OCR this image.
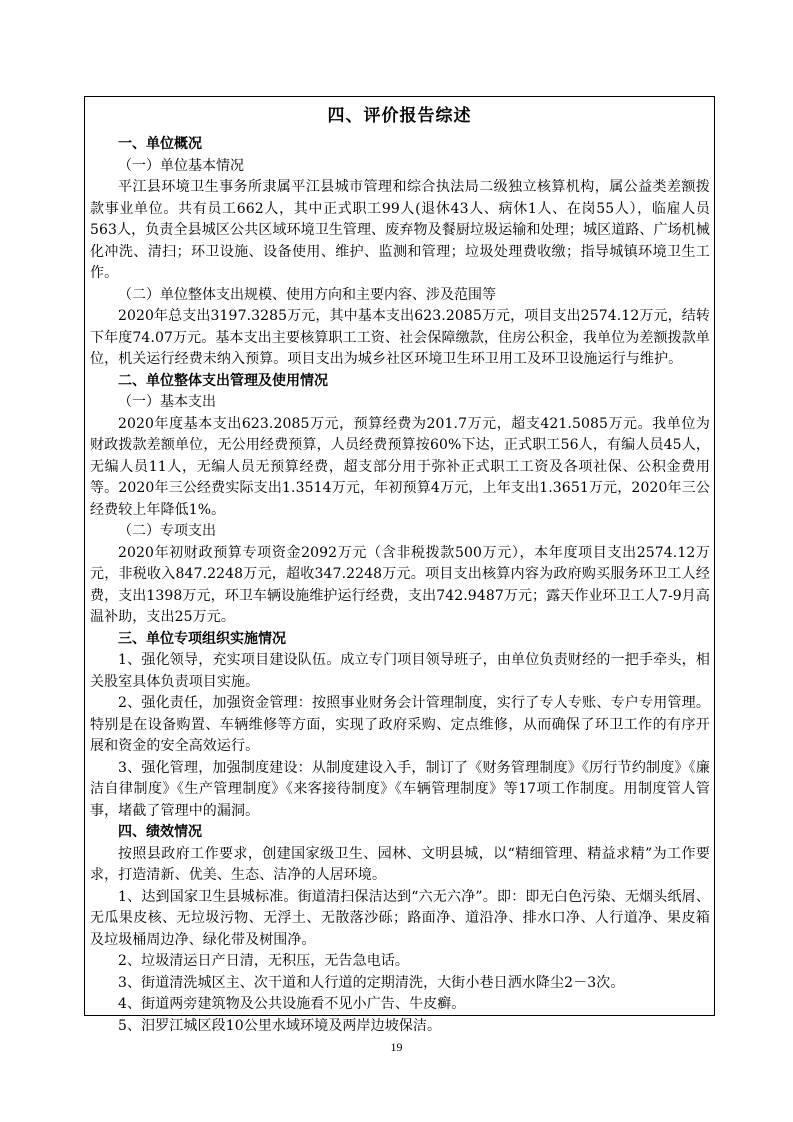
四、评价报告综述
一、单位概况
（一）单位基本情况
平江县环境卫生事务所隶属平江县城市管理和综合执法局二级独立核算机构，属公益类差额拨款事业单位。共有员工662人，其中正式职工99人(退休43人、病休1人、在岗55人），临雇人员563人，负责全县城区公共区域环境卫生管理、废弃物及餐厨垃圾运输和处理；城区道路、广场机械化冲洗、清扫；环卫设施、设备使用、维护、监测和管理；垃圾处理费收缴；指导城镇环境卫生工作。
（二）单位整体支出规模、使用方向和主要内容、涉及范围等
2020年总支出3197.3285万元，其中基本支出623.2085万元，项目支出2574.12万元，结转下年度74.07万元。基本支出主要核算职工工资、社会保障缴款，住房公积金，我单位为差额拨款单位，机关运行经费未纳入预算。项目支出为城乡社区环境卫生环卫用工及环卫设施运行与维护。
二、单位整体支出管理及使用情况
（一）基本支出
2020年度基本支出623.2085万元，预算经费为201.7万元，超支421.5085万元。我单位为财政拨款差额单位，无公用经费预算，人员经费预算按60%下达，正式职工56人，有编人员45人，无编人员11人，无编人员无预算经费，超支部分用于弥补正式职工工资及各项社保、公积金费用等。2020年三公经费实际支出1.3514万元，年初预算4万元，上年支出1.3651万元，2020年三公经费较上年降低1%。
（二）专项支出
2020年初财政预算专项资金2092万元（含非税拨款500万元），本年度项目支出2574.12万元，非税收入847.2248万元，超收347.2248万元。项目支出核算内容为政府购买服务环卫工人经费，支出1398万元，环卫车辆设施维护运行经费，支出742.9487万元；露天作业环卫工人7-9月高温补助，支出25万元。
三、单位专项组织实施情况
1、强化领导，充实项目建设队伍。成立专门项目领导班子，由单位负责财经的一把手牵头，相关股室具体负责项目实施。
2、强化责任，加强资金管理：按照事业财务会计管理制度，实行了专人专账、专户专用管理。特别是在设备购置、车辆维修等方面，实现了政府采购、定点维修，从而确保了环卫工作的有序开展和资金的安全高效运行。
3、强化管理，加强制度建设：从制度建设入手，制订了《财务管理制度》《厉行节约制度》《廉洁自律制度》《生产管理制度》《来客接待制度》《车辆管理制度》等17项工作制度。用制度管人管事，堵截了管理中的漏洞。
四、绩效情况
按照县政府工作要求，创建国家级卫生、园林、文明县城，以“精细管理、精益求精”为工作要求，打造清新、优美、生态、洁净的人居环境。
1、达到国家卫生县城标准。街道清扫保洁达到“六无六净”。即：即无白色污染、无烟头纸屑、无瓜果皮核、无垃圾污物、无浮土、无散落沙砾；路面净、道沿净、排水口净、人行道净、果皮箱及垃圾桶周边净、绿化带及树围净。
2、垃圾清运日产日清，无积压，无告急电话。
3、街道清洗城区主、次干道和人行道的定期清洗，大街小巷日洒水降尘2－3次。
4、街道两旁建筑物及公共设施看不见小广告、牛皮癣。
5、汨罗江城区段10公里水域环境及两岸边坡保洁。
19
